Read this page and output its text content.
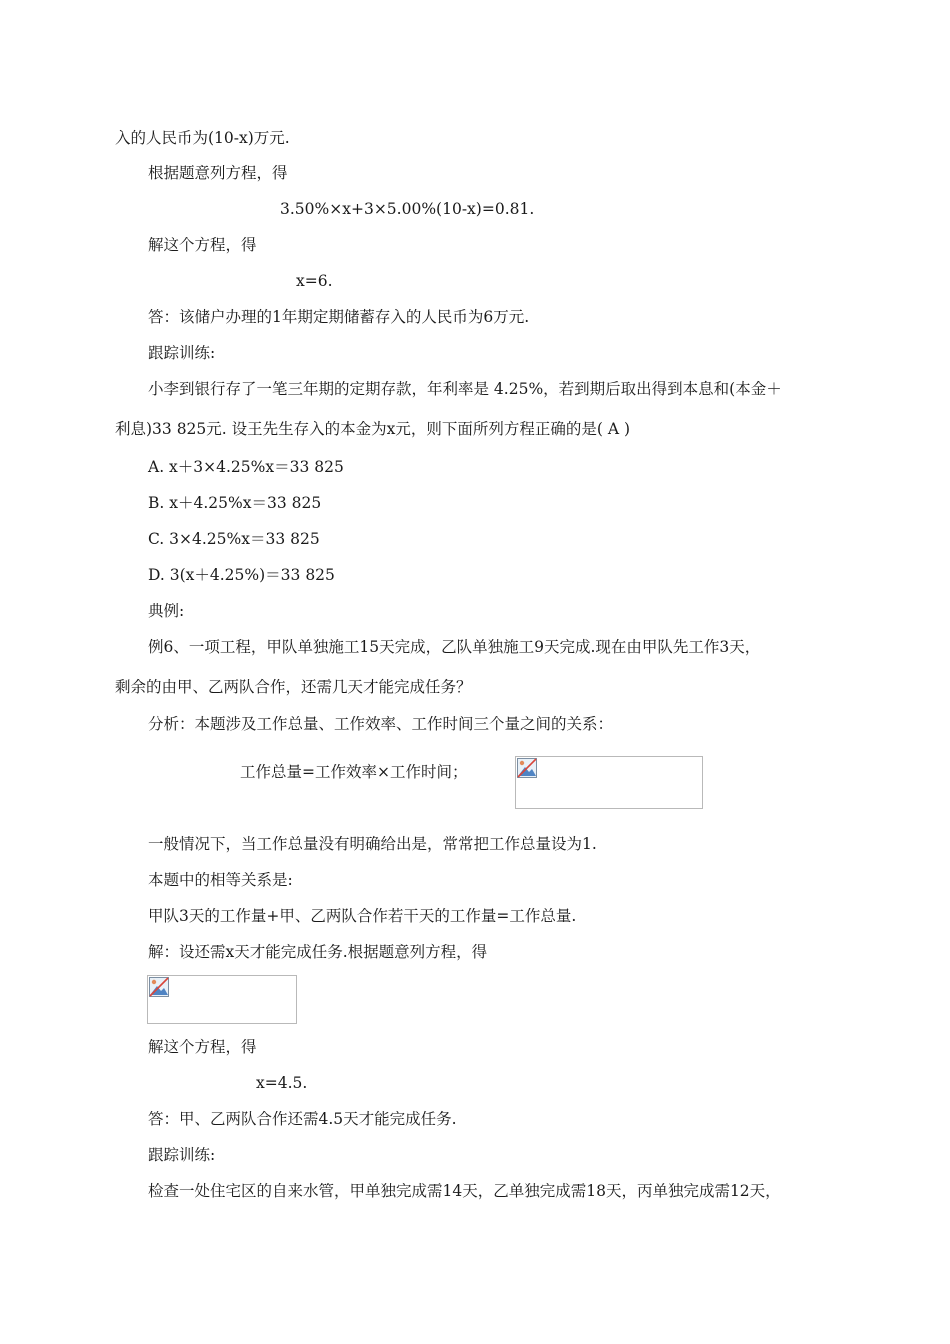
入的人民币为(10-x)万元.
根据题意列方程，得
3.50%×x+3×5.00%(10-x)=0.81.
解这个方程，得
x=6.
答：该储户办理的1年期定期储蓄存入的人民币为6万元.
跟踪训练:
小李到银行存了一笔三年期的定期存款，年利率是 4.25%，若到期后取出得到本息和(本金＋
利息)33 825元. 设王先生存入的本金为x元，则下面所列方程正确的是( A )
A. x＋3×4.25%x＝33 825
B. x＋4.25%x＝33 825
C. 3×4.25%x＝33 825
D. 3(x＋4.25%)＝33 825
典例:
例6、一项工程，甲队单独施工15天完成，乙队单独施工9天完成.现在由甲队先工作3天，
剩余的由甲、乙两队合作，还需几天才能完成任务？
分析：本题涉及工作总量、工作效率、工作时间三个量之间的关系：
工作总量=工作效率×工作时间；
一般情况下，当工作总量没有明确给出是，常常把工作总量设为1.
本题中的相等关系是:
甲队3天的工作量+甲、乙两队合作若干天的工作量=工作总量.
解：设还需x天才能完成任务.根据题意列方程，得
解这个方程，得
x=4.5.
答：甲、乙两队合作还需4.5天才能完成任务.
跟踪训练:
检查一处住宅区的自来水管，甲单独完成需14天，乙单独完成需18天，丙单独完成需12天，
